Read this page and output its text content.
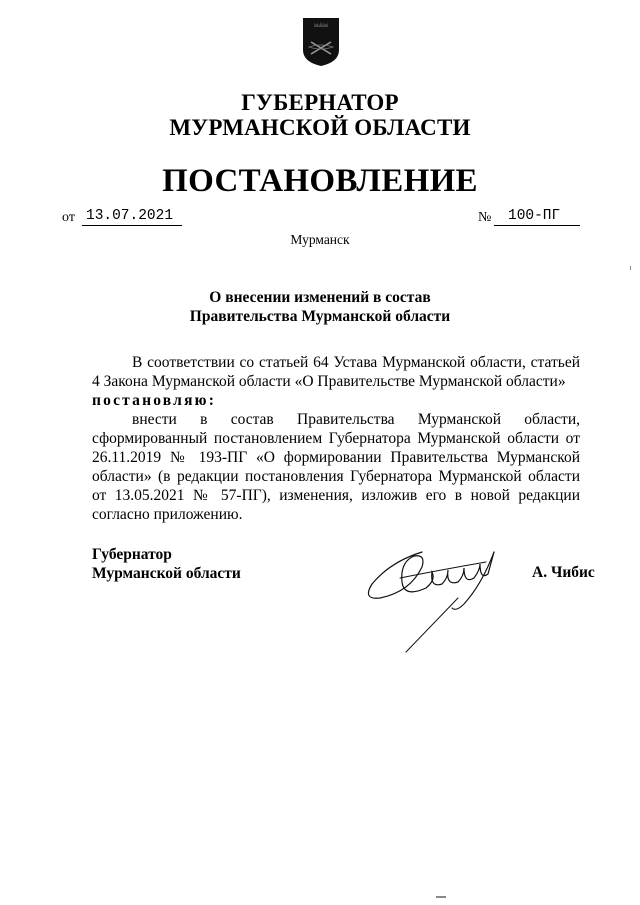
ГУБЕРНАТОР
МУРМАНСКОЙ ОБЛАСТИ
ПОСТАНОВЛЕНИЕ
от 13.07.2021	№	100-ПГ
Мурманск
О внесении изменений в состав
Правительства Мурманской области

В соответствии со статьей 64 Устава Мурманской области, статьей 4 Закона Мурманской области «О Правительстве Мурманской области»

постановляю:

внести в состав Правительства Мурманской области, сформированный постановлением Губернатора Мурманской области от 26.11.2019 № 193-ПГ «О формировании Правительства Мурманской области» (в редакции постановления Губернатора Мурманской области от 13.05.2021 № 57-ПГ), изменения, изложив его в новой редакции согласно приложению.

Губернатор
Мурманской области	А. Чибис
